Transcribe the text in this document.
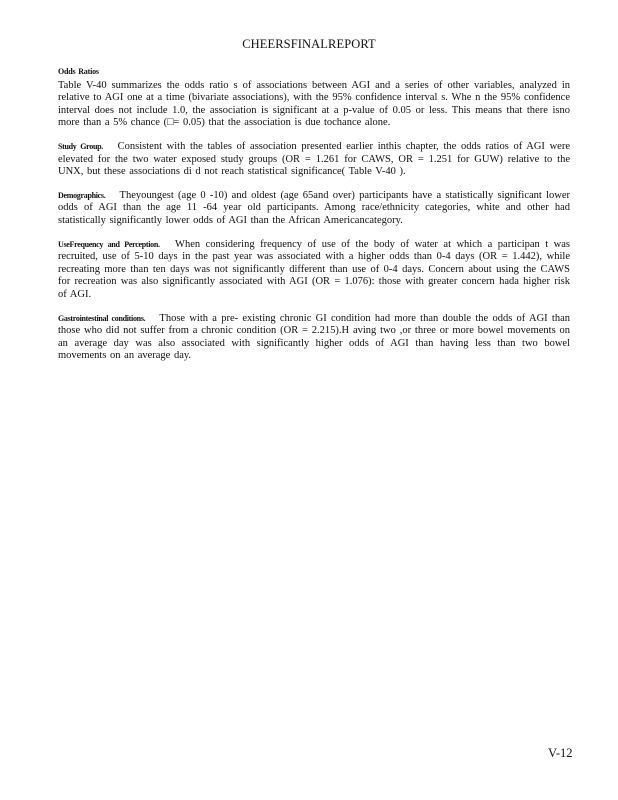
CHEERSFINALREPORT

Odds Ratios
Table V-40 summarizes the odds ratio s of associations between AGI and a series of other variables, analyzed in relative to AGI one at a time (bivariate associations), with the 95% confidence interval s. Whe n the 95% confidence interval does not include 1.0, the association is significant at a p-value of 0.05 or less. This means that there isno more than a 5% chance (□= 0.05) that the association is due tochance alone.

Study Group. Consistent with the tables of association presented earlier inthis chapter, the odds ratios of AGI were elevated for the two water exposed study groups (OR = 1.261 for CAWS, OR = 1.251 for GUW) relative to the UNX, but these associations di d not reach statistical significance( Table V-40 ).

Demographics. Theyoungest (age 0 -10) and oldest (age 65and over) participants have a statistically significant lower odds of AGI than the age 11 -64 year old participants. Among race/ethnicity categories, white and other had statistically significantly lower odds of AGI than the African Americancategory.

UseFrequency and Perception. When considering frequency of use of the body of water at which a participan t was recruited, use of 5-10 days in the past year was associated with a higher odds than 0-4 days (OR = 1.442), while recreating more than ten days was not significantly different than use of 0-4 days. Concern about using the CAWS for recreation was also significantly associated with AGI (OR = 1.076): those with greater concern hada higher risk of AGI.

Gastrointestinal conditions. Those with a pre- existing chronic GI condition had more than double the odds of AGI than those who did not suffer from a chronic condition (OR = 2.215).H aving two ,or three or more bowel movements on an average day was also associated with significantly higher odds of AGI than having less than two bowel movements on an average day.

V-12
